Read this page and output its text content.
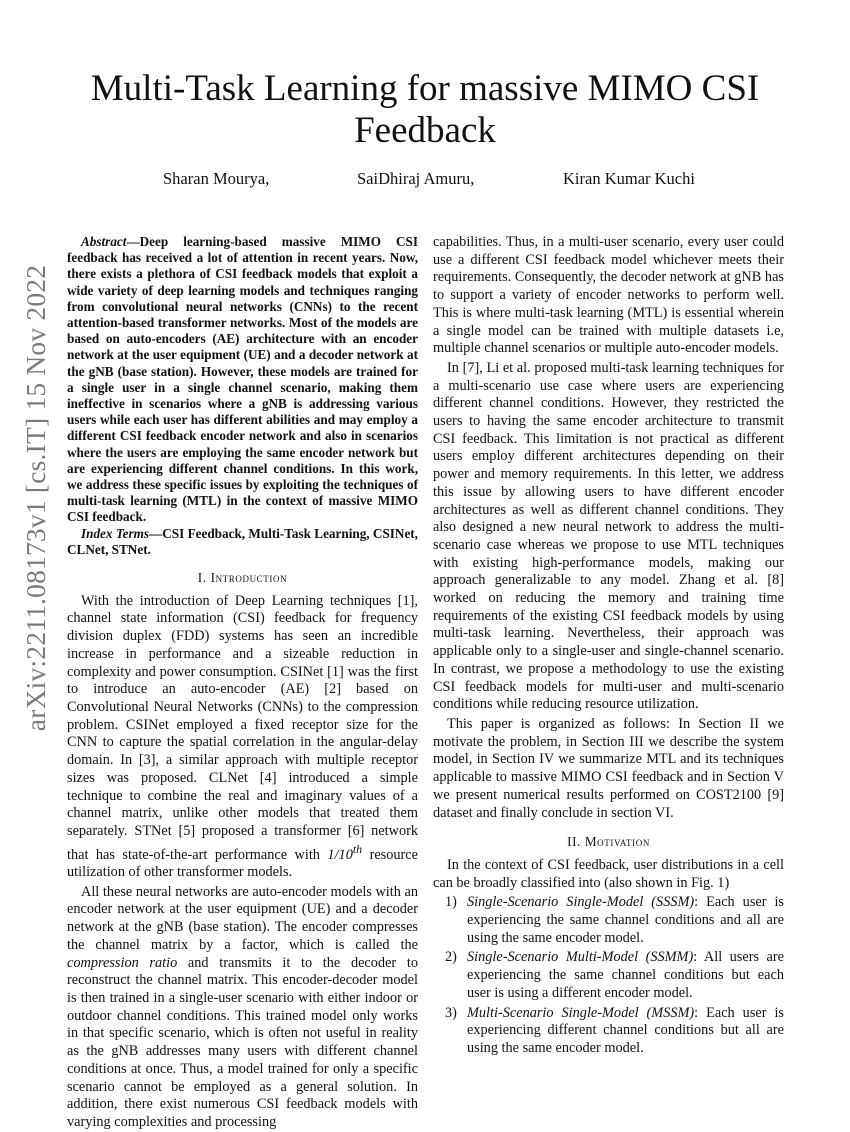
arXiv:2211.08173v1 [cs.IT] 15 Nov 2022
Multi-Task Learning for massive MIMO CSI Feedback
Sharan Mourya,	SaiDhiraj Amuru,	Kiran Kumar Kuchi

Abstract—Deep learning-based massive MIMO CSI feedback has received a lot of attention in recent years. Now, there exists a plethora of CSI feedback models that exploit a wide variety of deep learning models and techniques ranging from convolutional neural networks (CNNs) to the recent attention-based transformer networks. Most of the models are based on auto-encoders (AE) architecture with an encoder network at the user equipment (UE) and a decoder network at the gNB (base station). However, these models are trained for a single user in a single channel scenario, making them ineffective in scenarios where a gNB is addressing various users while each user has different abilities and may employ a different CSI feedback encoder network and also in scenarios where the users are employing the same encoder network but are experiencing different channel conditions. In this work, we address these specific issues by exploiting the techniques of multi-task learning (MTL) in the context of massive MIMO CSI feedback.

Index Terms—CSI Feedback, Multi-Task Learning, CSINet, CLNet, STNet.

I. Introduction

With the introduction of Deep Learning techniques [1], channel state information (CSI) feedback for frequency division duplex (FDD) systems has seen an incredible increase in performance and a sizeable reduction in complexity and power consumption. CSINet [1] was the first to introduce an auto-encoder (AE) [2] based on Convolutional Neural Networks (CNNs) to the compression problem. CSINet employed a fixed receptor size for the CNN to capture the spatial correlation in the angular-delay domain. In [3], a similar approach with multiple receptor sizes was proposed. CLNet [4] introduced a simple technique to combine the real and imaginary values of a channel matrix, unlike other models that treated them separately. STNet [5] proposed a transformer [6] network that has state-of-the-art performance with 1/10th resource utilization of other transformer models.

All these neural networks are auto-encoder models with an encoder network at the user equipment (UE) and a decoder network at the gNB (base station). The encoder compresses the channel matrix by a factor, which is called the compression ratio and transmits it to the decoder to reconstruct the channel matrix. This encoder-decoder model is then trained in a single-user scenario with either indoor or outdoor channel conditions. This trained model only works in that specific scenario, which is often not useful in reality as the gNB addresses many users with different channel conditions at once. Thus, a model trained for only a specific scenario cannot be employed as a general solution. In addition, there exist numerous CSI feedback models with varying complexities and processing

capabilities. Thus, in a multi-user scenario, every user could use a different CSI feedback model whichever meets their requirements. Consequently, the decoder network at gNB has to support a variety of encoder networks to perform well. This is where multi-task learning (MTL) is essential wherein a single model can be trained with multiple datasets i.e, multiple channel scenarios or multiple auto-encoder models.

In [7], Li et al. proposed multi-task learning techniques for a multi-scenario use case where users are experiencing different channel conditions. However, they restricted the users to having the same encoder architecture to transmit CSI feedback. This limitation is not practical as different users employ different architectures depending on their power and memory requirements. In this letter, we address this issue by allowing users to have different encoder architectures as well as different channel conditions. They also designed a new neural network to address the multi-scenario case whereas we propose to use MTL techniques with existing high-performance models, making our approach generalizable to any model. Zhang et al. [8] worked on reducing the memory and training time requirements of the existing CSI feedback models by using multi-task learning. Nevertheless, their approach was applicable only to a single-user and single-channel scenario. In contrast, we propose a methodology to use the existing CSI feedback models for multi-user and multi-scenario conditions while reducing resource utilization.

This paper is organized as follows: In Section II we motivate the problem, in Section III we describe the system model, in Section IV we summarize MTL and its techniques applicable to massive MIMO CSI feedback and in Section V we present numerical results performed on COST2100 [9] dataset and finally conclude in section VI.

II. Motivation

In the context of CSI feedback, user distributions in a cell can be broadly classified into (also shown in Fig. 1)

1) Single-Scenario Single-Model (SSSM): Each user is experiencing the same channel conditions and all are using the same encoder model.
2) Single-Scenario Multi-Model (SSMM): All users are experiencing the same channel conditions but each user is using a different encoder model.
3) Multi-Scenario Single-Model (MSSM): Each user is experiencing different channel conditions but all are using the same encoder model.
